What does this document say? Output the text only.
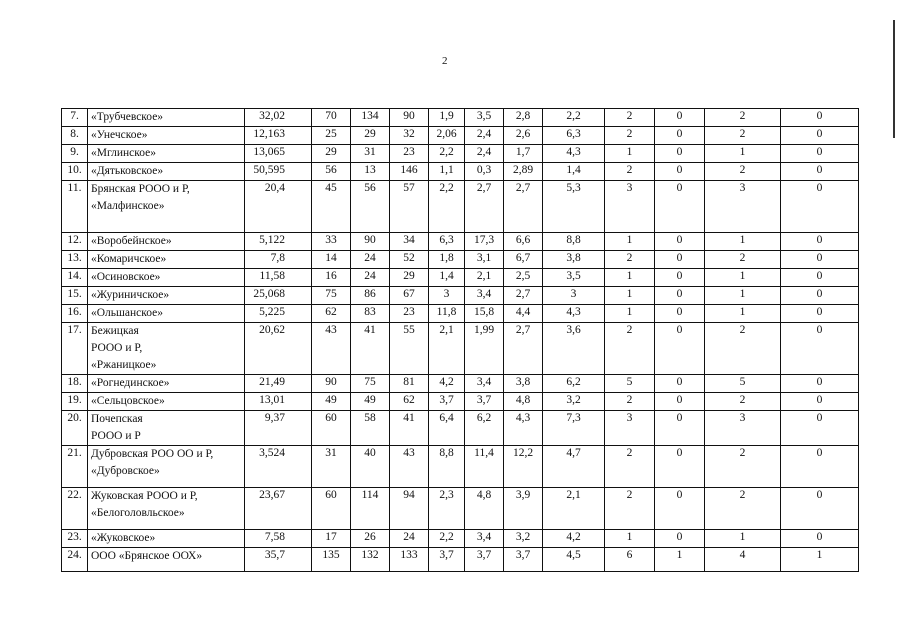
2
7.	«Трубчевское»	32,02	70	134	90	1,9	3,5	2,8	2,2	2	0	2	0
8.	«Унечское»	12,163	25	29	32	2,06	2,4	2,6	6,3	2	0	2	0
9.	«Мглинское»	13,065	29	31	23	2,2	2,4	1,7	4,3	1	0	1	0
10.	«Дятьковское»	50,595	56	13	146	1,1	0,3	2,89	1,4	2	0	2	0
11.	Брянская РООО и Р,
«Малфинское»	20,4	45	56	57	2,2	2,7	2,7	5,3	3	0	3	0
12.	«Воробейнское»	5,122	33	90	34	6,3	17,3	6,6	8,8	1	0	1	0
13.	«Комаричское»	7,8	14	24	52	1,8	3,1	6,7	3,8	2	0	2	0
14.	«Осиновское»	11,58	16	24	29	1,4	2,1	2,5	3,5	1	0	1	0
15.	«Журиничское»	25,068	75	86	67	3	3,4	2,7	3	1	0	1	0
16.	«Ольшанское»	5,225	62	83	23	11,8	15,8	4,4	4,3	1	0	1	0
17.	Бежицкая
РООО и Р,
«Ржаницкое»	20,62	43	41	55	2,1	1,99	2,7	3,6	2	0	2	0
18.	«Рогнединское»	21,49	90	75	81	4,2	3,4	3,8	6,2	5	0	5	0
19.	«Сельцовское»	13,01	49	49	62	3,7	3,7	4,8	3,2	2	0	2	0
20.	Почепская
РООО и Р	9,37	60	58	41	6,4	6,2	4,3	7,3	3	0	3	0
21.	Дубровская РОО ОО и Р,
«Дубровское»	3,524	31	40	43	8,8	11,4	12,2	4,7	2	0	2	0
22.	Жуковская РООО и Р,
«Белоголовльское»	23,67	60	114	94	2,3	4,8	3,9	2,1	2	0	2	0
23.	«Жуковское»	7,58	17	26	24	2,2	3,4	3,2	4,2	1	0	1	0
24.	ООО «Брянское ООХ»	35,7	135	132	133	3,7	3,7	3,7	4,5	6	1	4	1
